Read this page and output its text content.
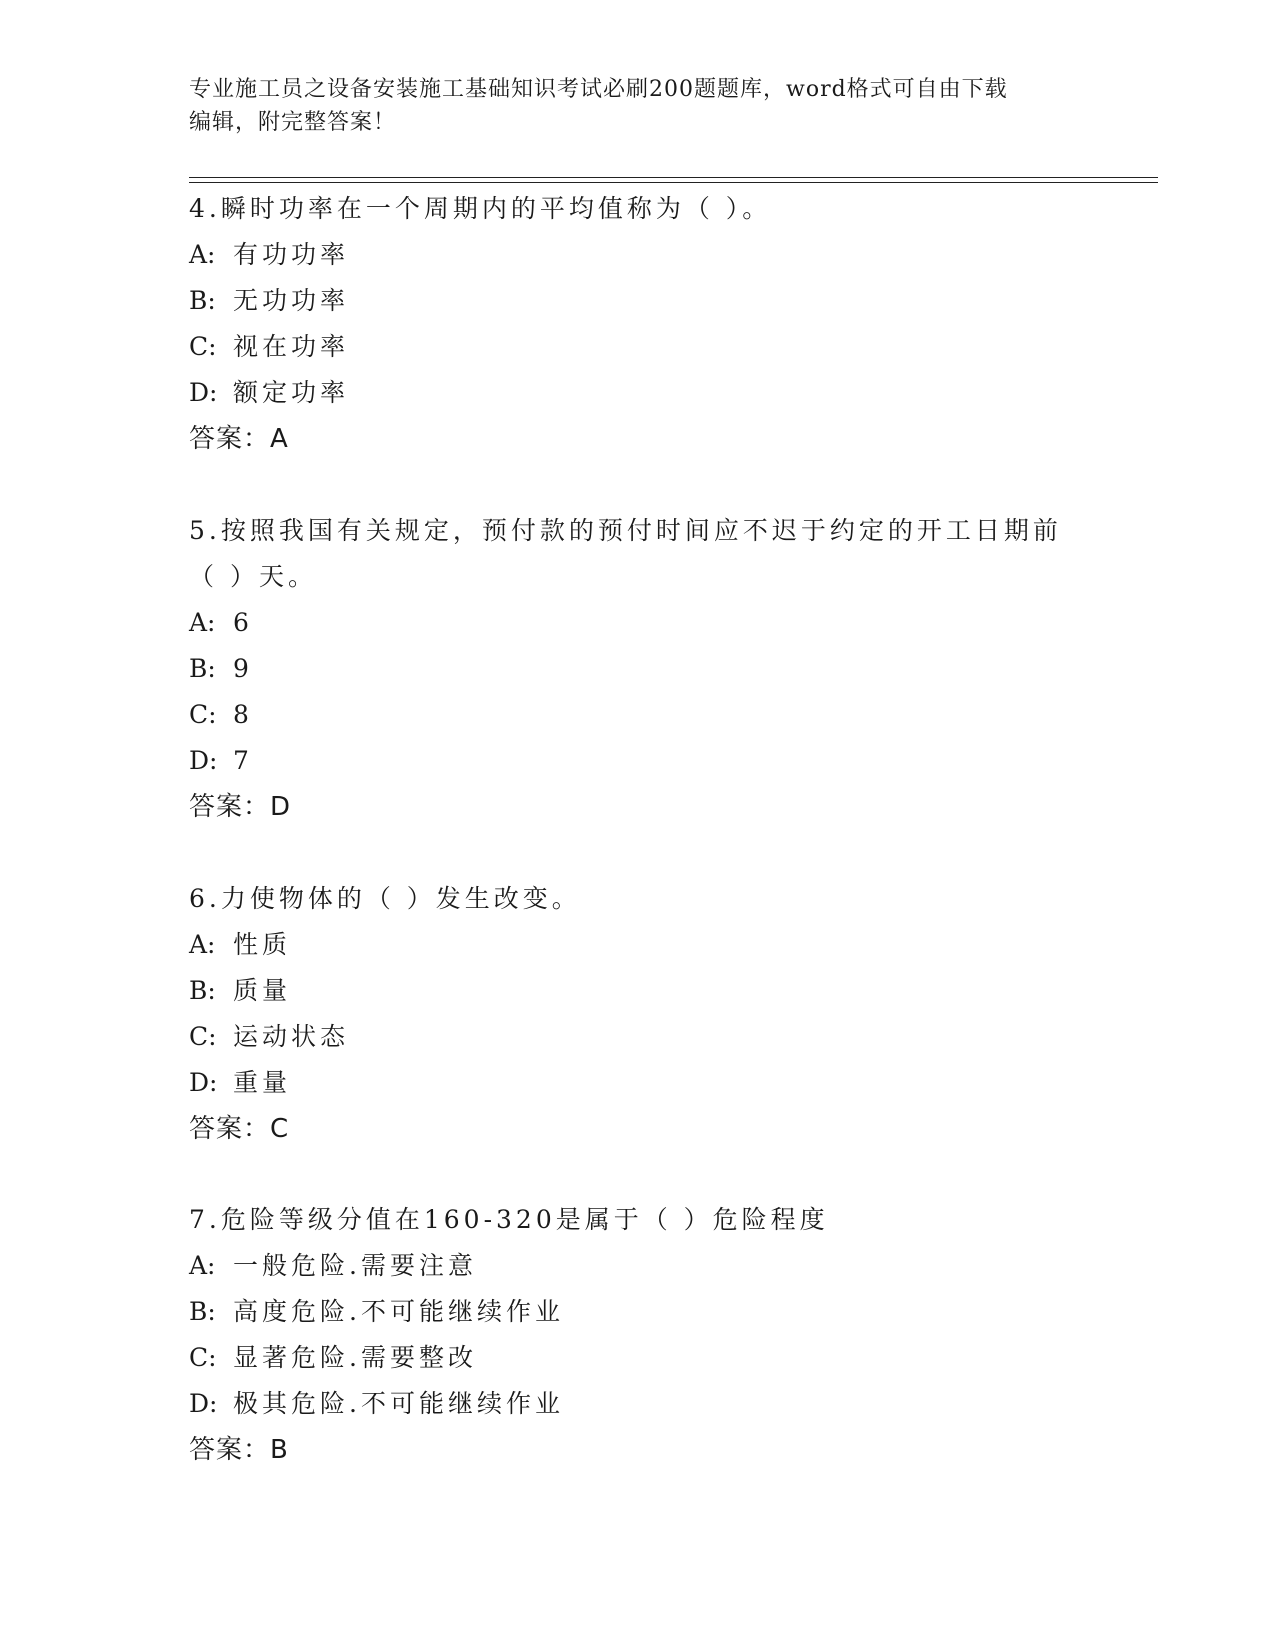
专业施工员之设备安装施工基础知识考试必刷200题题库，word格式可自由下载
编辑，附完整答案！
4.瞬时功率在一个周期内的平均值称为（ ）。
A: 有功功率
B: 无功功率
C: 视在功率
D: 额定功率
答案：A
5.按照我国有关规定，预付款的预付时间应不迟于约定的开工日期前
（ ）天。
A: 6
B: 9
C: 8
D: 7
答案：D
6.力使物体的（ ）发生改变。
A: 性质
B: 质量
C: 运动状态
D: 重量
答案：C
7.危险等级分值在160-320是属于（ ）危险程度
A: 一般危险.需要注意
B: 高度危险.不可能继续作业
C: 显著危险.需要整改
D: 极其危险.不可能继续作业
答案：B
